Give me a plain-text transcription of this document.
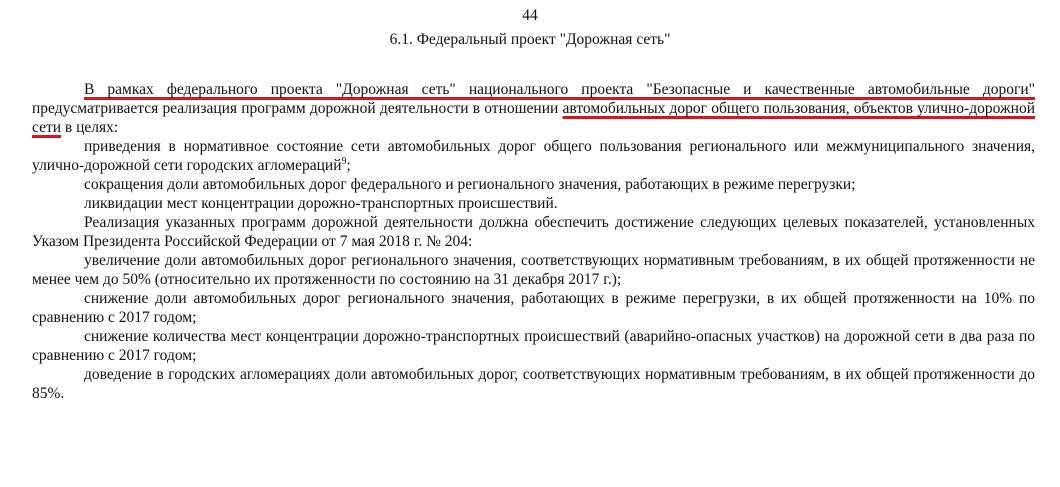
44
6.1. Федеральный проект "Дорожная сеть"

В рамках федерального проекта "Дорожная сеть" национального проекта "Безопасные и качественные автомобильные дороги" предусматривается реализация программ дорожной деятельности в отношении автомобильных дорог общего пользования, объектов улично-дорожной сети в целях:

приведения в нормативное состояние сети автомобильных дорог общего пользования регионального или межмуниципального значения, улично-дорожной сети городских агломераций$^9$;

сокращения доли автомобильных дорог федерального и регионального значения, работающих в режиме перегрузки;

ликвидации мест концентрации дорожно-транспортных происшествий.

Реализация указанных программ дорожной деятельности должна обеспечить достижение следующих целевых показателей, установленных Указом Президента Российской Федерации от 7 мая 2018 г. № 204:

увеличение доли автомобильных дорог регионального значения, соответствующих нормативным требованиям, в их общей протяженности не менее чем до 50% (относительно их протяженности по состоянию на 31 декабря 2017 г.);

снижение доли автомобильных дорог регионального значения, работающих в режиме перегрузки, в их общей протяженности на 10% по сравнению с 2017 годом;

снижение количества мест концентрации дорожно-транспортных происшествий (аварийно-опасных участков) на дорожной сети в два раза по сравнению с 2017 годом;

доведение в городских агломерациях доли автомобильных дорог, соответствующих нормативным требованиям, в их общей протяженности до 85%.
